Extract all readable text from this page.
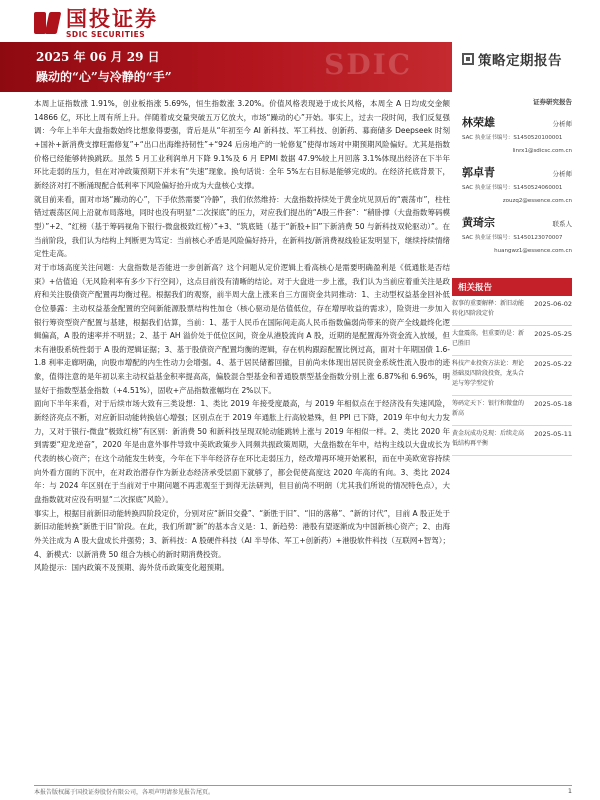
国投证券
SDIC SECURITIES
SDIC
2025 年 06 月 29 日
躁动的“心”与冷静的“手”
策略定期报告

本周上证指数涨 1.91%，创业板指涨 5.69%，恒生指数涨 3.20%。价值风格表现逊于成长风格，本周全 A 日均成交金额 14866 亿，环比上周有所上升。伴随着成交量突破五万亿放大，市场“躁动的心”开始。事实上，过去一段时间，我们反复强调：今年上半年大盘指数始终比想象得要强，背后是从“年初至今 AI 新科技、军工科技、创新药、募商储多 Deepseek 时刻+国补+新消费支撑旺需修复”+“出口出海维持韧性”+“924 后房地产的一轮修复”使得市场对中期预期风险偏好。尤其是指数价格已经能够转换跳跃。虽然 5 月工业利润单月下降 9.1%及 6 月 EPMI 数据 47.9%较上月回落 3.1%体现出经济在下半年环比走弱的压力，但在对冲政策预期下并未有“失速”现象。换句话说：全年 5%左右目标是能够完成的。在经济托底背景下，新经济对打不断涌现配合低利率下风险偏好抬升成为大盘核心支撑。

就目前来看，面对市场“躁动的心”，下手依然需要“冷静”，我们依然维持：大盘指数持续处于黄金坑见顶后的“震荡市”，柱柱错过震荡区间上沿就布局落地，同时也没有明显“二次探底”的压力，对应我们提出的“A股三件套”：“稍卧撑（大盘指数筹码模型）”+2、“红榜（基于筹码视角下银行-微盘极致红榜）”+3、“筑底链（基于“新股+旧”下新消费 50 与新科技双轮驱动）”。在当前阶段，我们认为结构上判断更为笃定：当前核心矛盾是风险偏好持升，在新科技/新消费视线验证发明显下，继续持续情绪定性走高。

对于市场高度关注问题：大盘指数是否能进一步创新高？这个问题从定价逻辑上看高核心是需要明确盈利是《低通胀是否结束》+估值追（无风险利率有多少下行空间），这点目前没有清晰的结论。对于大盘进一步上涨，我们认为当前应着重关注是政府和关注股债资产配置再均衡过程。根据我们的观察，前半周大盘上涨来自三方面资金共同推动：1、主动型权益基金回补低仓位暴露：主动权益基金配置的空间新能源股票结构性加仓（核心驱动是估值低位，存在增厚收益的需求），险资进一步加入银行筹资型资产配置与基建，根据我们估算，当前：1、基于人民币在国际间走高人民币指数偏弱尚带来的资产全线最终化逻辑偏高，A 股的速率并不明显；2、基于 AH 溢价处于低位区间，资金从港股流向 A 股，近期的是配置海外资金流入放缓，但未有港股系统性弱于 A 股的逻辑证据；3、基于股债资产配置均衡的逻辑，存在机构跟踪配置比例过高，面对十年期国债 1.6-1.8 利率走廊明确，向股市增配的内生性动力会增强。4、基于居民储蓄回撤，目前尚未体现出居民资金系统性流入股市的迹象，值得注意的是年初以来主动权益基金积率提高高，偏股混合型基金和普通股票型基金指数分别上涨 6.87%和 6.96%，明显好于指数型基金指数（+4.51%），固收+产品指数涨幅均在 2%以下。

面向下半年来看，对于后续市场大致有三类设想：1、类比 2019 年接受度最高，与 2019 年相似点在于经济没有失速风险，新经济亮点不断，对应新旧动能转换信心增强；区别点在于 2019 年通胀上行高较悬殊，但 PPI 已下降，2019 年中旬大力发力，又对于银行-微盘“极致红榜”有区别：新消费 50 和新科技呈现双轮动能跳转上涨与 2019 年相似一样。2、类比 2020 年到需要“迎龙逆奋”，2020 年是由意外事件导致中美欧政策步入同频共振政策周期，大盘指数在年中，结构主线以大盘成长为代表的核心资产；在这个动能发生转变，今年在下半年经济存在环比走弱压力，经改增再环境开始累积，而在中美欧宽容持续向外看方面的下沉中，在对政治潜存作为新业态经济承受层面下就够了，都会促使高度这 2020 年高的有向。3、类比 2024 年：与 2024 年区别在于当前对于中期问题不再悲观至于到得无法研判，但目前尚不明朗（尤其我们所说的情况特色点），大盘指数就对应没有明显“二次探底”风险）。

事实上，根据目前新旧动能转换四阶段定价，分别对应“新旧交叠”、“新胜于旧”、“旧的落幕”、“新的讨代”，目前 A 股正处于新旧动能转换“新胜于旧”阶段。在此，我们所谓“新”的基本含义是：1、新趋势：港股有望逐渐成为中国新核心资产；2、由海外关注成为 A 股大盘成长并强势；3、新科技：A 股硬件科技（AI 半导体、军工+创新药）+港股软件科技（互联网+智驾）；4、新模式：以新消费 50 组合为核心的新时期消费投资。

风险提示：国内政策不及预期、海外货币政策变化超预期。

证券研究报告
林荣雄	分析师
SAC 执业证书编号：S1450520100001
linrx1@sdicsc.com.cn
郭卓青	分析师
SAC 执业证书编号：S1450524060001
zouzq2@essence.com.cn
黄琦宗	联系人
SAC 执业证书编号：S1450123070007
huangwz1@essence.com.cn
相关报告
叙事的重要解释：新旧动能转化四阶段定价
2025-06-02
大盘震荡，但重要的是：新已胜旧
2025-05-25
科技产业投资方法论：理论基础及四阶段投资，龙头合运与筹学型定价
2025-05-22
筹码定天下：银行和微盘的新高
2025-05-18
黄金玩成功兑现：后续走高低结构再平衡
2025-05-11
本报告版权属于国投证券股份有限公司，各项声明请参见报告尾页。	1
